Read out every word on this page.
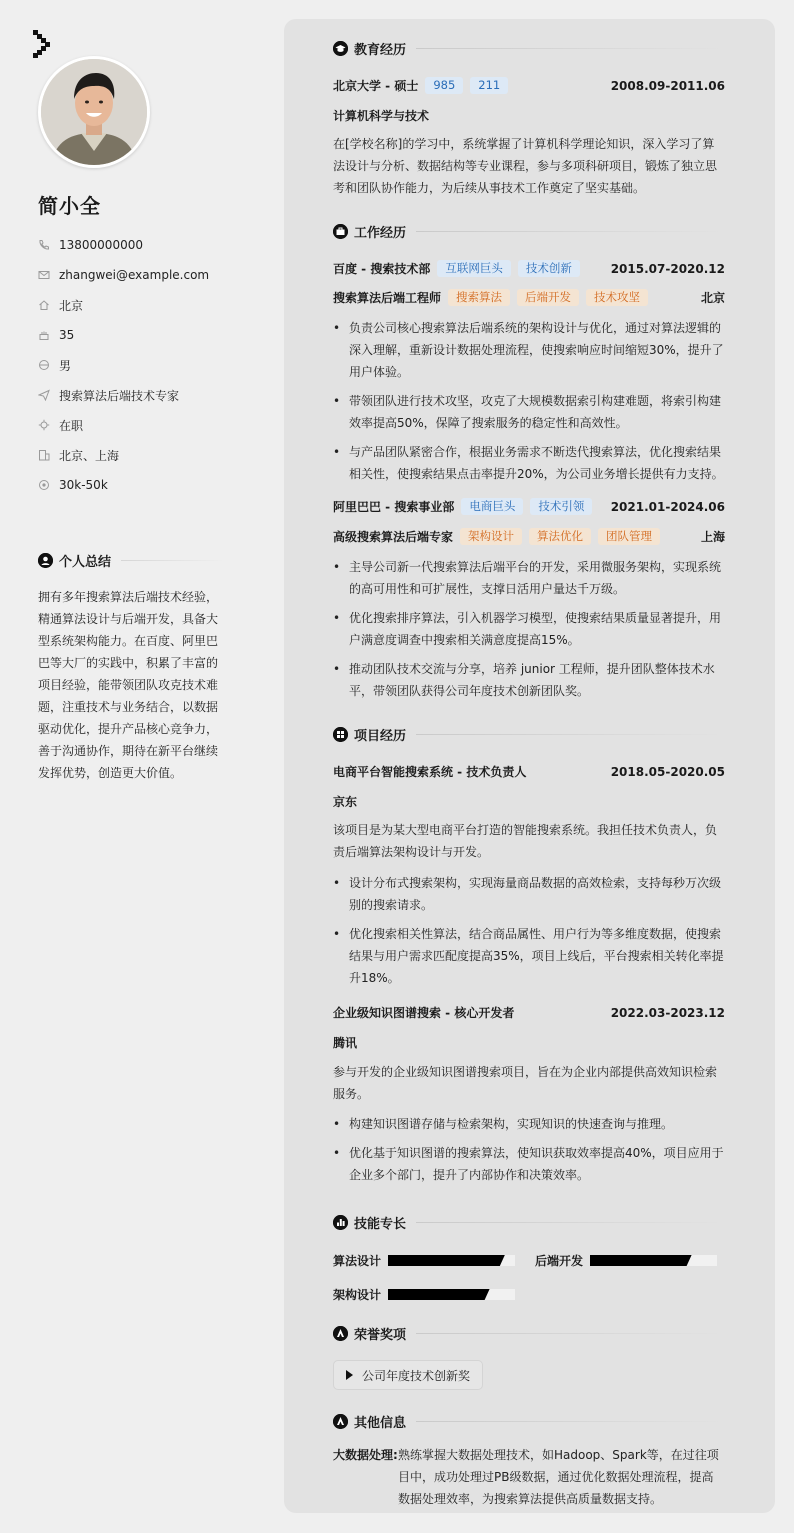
简小全
13800000000
zhangwei@example.com
北京
35
男
搜索算法后端技术专家
在职
北京、上海
30k-50k
个人总结
拥有多年搜索算法后端技术经验，精通算法设计与后端开发，具备大型系统架构能力。在百度、阿里巴巴等大厂的实践中，积累了丰富的项目经验，能带领团队攻克技术难题，注重技术与业务结合，以数据驱动优化，提升产品核心竞争力，善于沟通协作，期待在新平台继续发挥优势，创造更大价值。
教育经历
北京大学 - 硕士	985	211	2008.09-2011.06
计算机科学与技术
在[学校名称]的学习中，系统掌握了计算机科学理论知识，深入学习了算法设计与分析、数据结构等专业课程，参与多项科研项目，锻炼了独立思考和团队协作能力，为后续从事技术工作奠定了坚实基础。
工作经历
百度 - 搜索技术部	互联网巨头	技术创新	2015.07-2020.12
搜索算法后端工程师	搜索算法	后端开发	技术攻坚	北京
• 负责公司核心搜索算法后端系统的架构设计与优化，通过对算法逻辑的深入理解，重新设计数据处理流程，使搜索响应时间缩短30%，提升了用户体验。
• 带领团队进行技术攻坚，攻克了大规模数据索引构建难题，将索引构建效率提高50%，保障了搜索服务的稳定性和高效性。
• 与产品团队紧密合作，根据业务需求不断迭代搜索算法，优化搜索结果相关性，使搜索结果点击率提升20%，为公司业务增长提供有力支持。
阿里巴巴 - 搜索事业部	电商巨头	技术引领	2021.01-2024.06
高级搜索算法后端专家	架构设计	算法优化	团队管理	上海
• 主导公司新一代搜索算法后端平台的开发，采用微服务架构，实现系统的高可用性和可扩展性，支撑日活用户量达千万级。
• 优化搜索排序算法，引入机器学习模型，使搜索结果质量显著提升，用户满意度调查中搜索相关满意度提高15%。
• 推动团队技术交流与分享，培养 junior 工程师，提升团队整体技术水平，带领团队获得公司年度技术创新团队奖。
项目经历
电商平台智能搜索系统 - 技术负责人	2018.05-2020.05
京东
该项目是为某大型电商平台打造的智能搜索系统。我担任技术负责人，负责后端算法架构设计与开发。
• 设计分布式搜索架构，实现海量商品数据的高效检索，支持每秒万次级别的搜索请求。
• 优化搜索相关性算法，结合商品属性、用户行为等多维度数据，使搜索结果与用户需求匹配度提高35%，项目上线后，平台搜索相关转化率提升18%。
企业级知识图谱搜索 - 核心开发者	2022.03-2023.12
腾讯
参与开发的企业级知识图谱搜索项目，旨在为企业内部提供高效知识检索服务。
• 构建知识图谱存储与检索架构，实现知识的快速查询与推理。
• 优化基于知识图谱的搜索算法，使知识获取效率提高40%，项目应用于企业多个部门，提升了内部协作和决策效率。
技能专长
算法设计	后端开发
架构设计
荣誉奖项
公司年度技术创新奖
其他信息
大数据处理: 熟练掌握大数据处理技术，如Hadoop、Spark等，在过往项目中，成功处理过PB级数据，通过优化数据处理流程，提高数据处理效率，为搜索算法提供高质量数据支持。
